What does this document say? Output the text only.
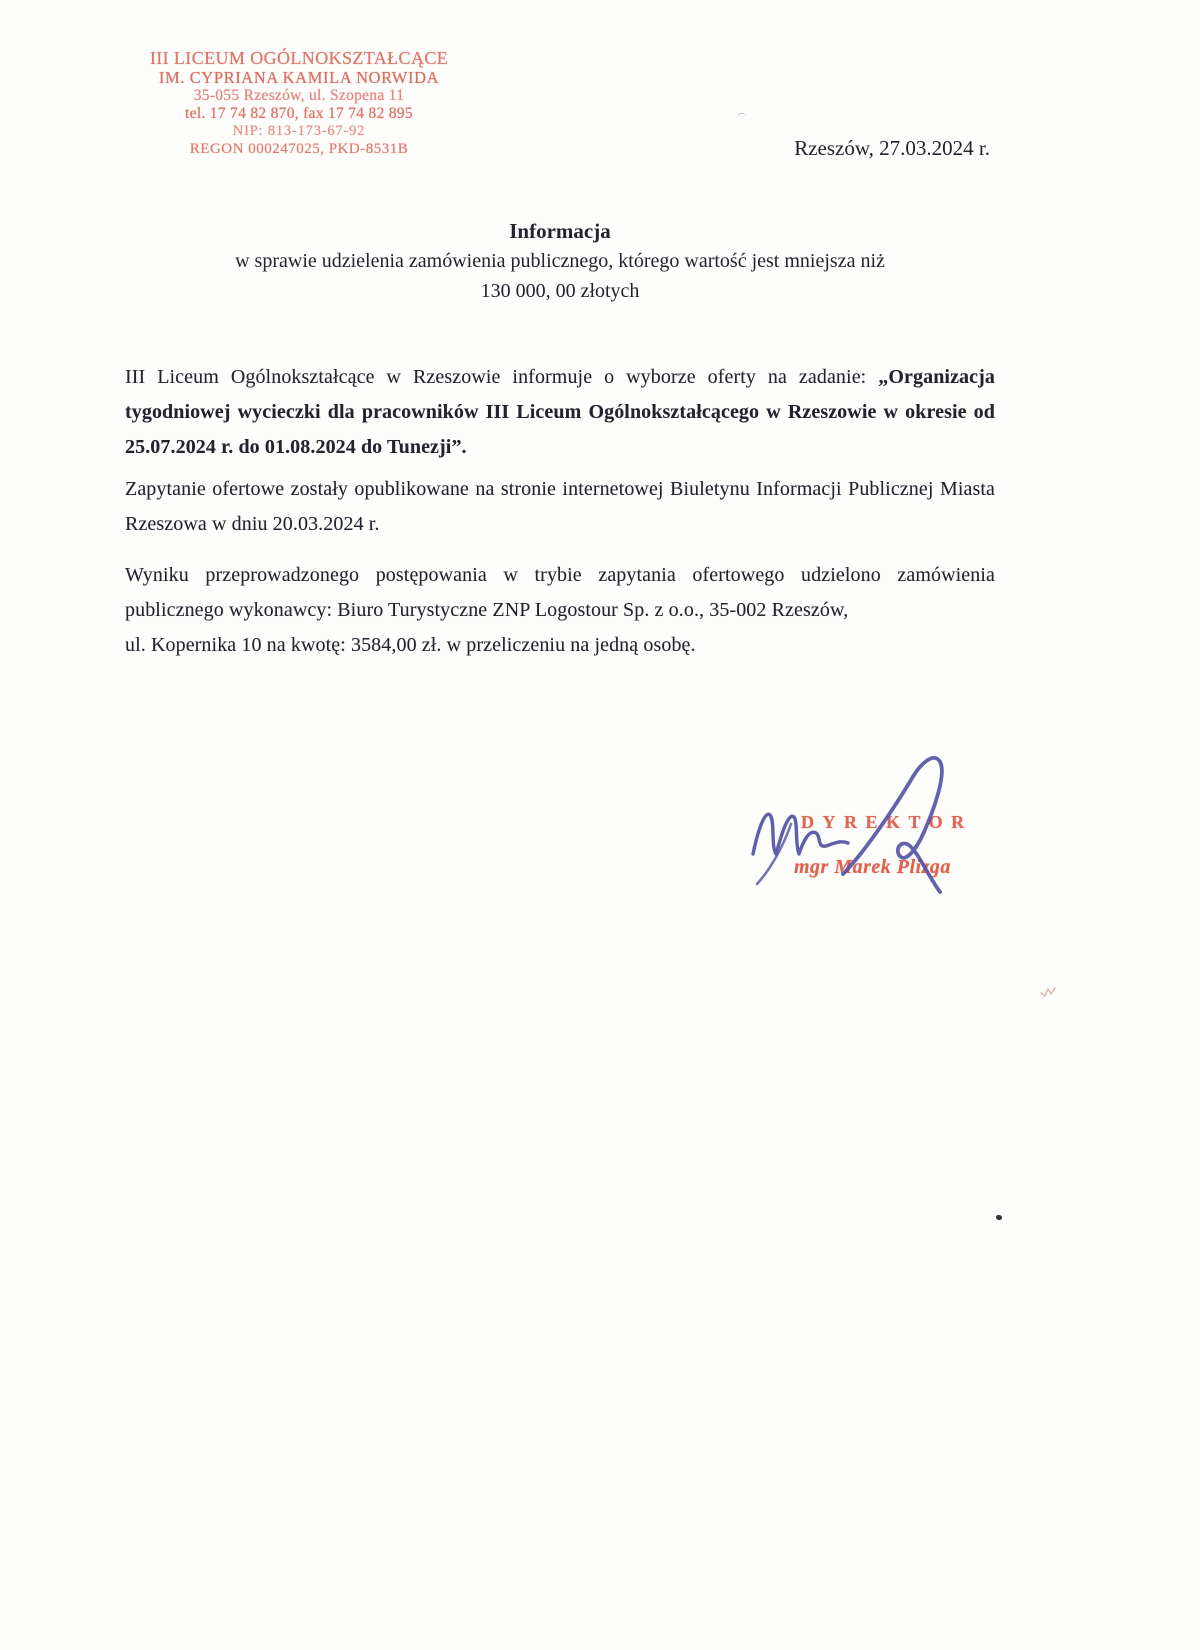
III LICEUM OGÓLNOKSZTAŁCĄCE
IM. CYPRIANA KAMILA NORWIDA
35-055 Rzeszów, ul. Szopena 11
tel. 17 74 82 870, fax 17 74 82 895
NIP: 813-173-67-92
REGON 000247025, PKD-8531B	Rzeszów, 27.03.2024 r.
Informacja
w sprawie udzielenia zamówienia publicznego, którego wartość jest mniejsza niż
130 000, 00 złotych

III Liceum Ogólnokształcące w Rzeszowie informuje o wyborze oferty na zadanie: „Organizacja tygodniowej wycieczki dla pracowników III Liceum Ogólnokształcącego w Rzeszowie w okresie od 25.07.2024 r. do 01.08.2024 do Tunezji”.

Zapytanie ofertowe zostały opublikowane na stronie internetowej Biuletynu Informacji Publicznej Miasta Rzeszowa w dniu 20.03.2024 r.

Wyniku przeprowadzonego postępowania w trybie zapytania ofertowego udzielono zamówienia publicznego wykonawcy: Biuro Turystyczne ZNP Logostour Sp. z o.o., 35-002 Rzeszów,
ul. Kopernika 10 na kwotę: 3584,00 zł. w przeliczeniu na jedną osobę.

DYREKTOR
mgr Marek Plizga
